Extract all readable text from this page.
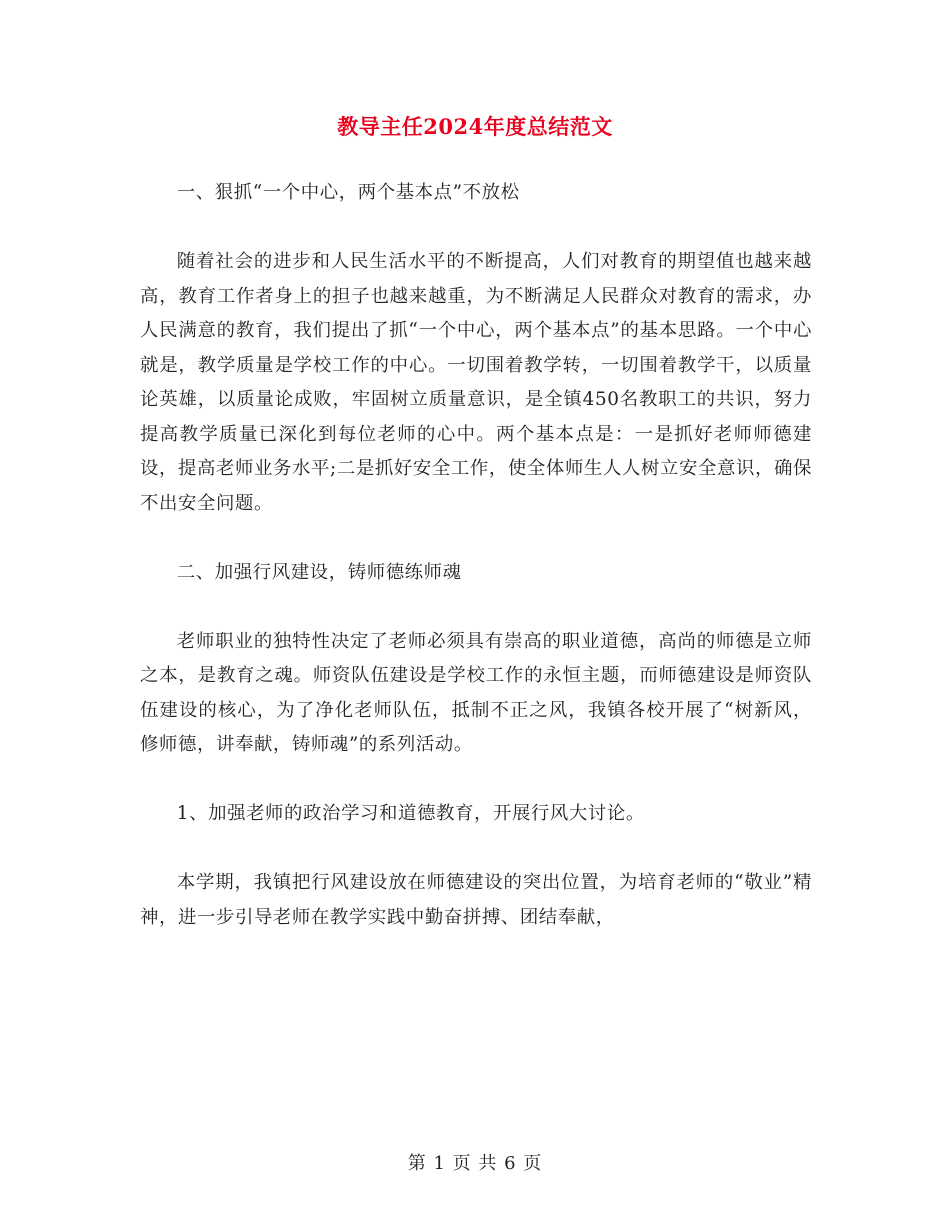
教导主任2024年度总结范文

一、狠抓“一个中心，两个基本点”不放松

随着社会的进步和人民生活水平的不断提高，人们对教育的期望值也越来越高，教育工作者身上的担子也越来越重，为不断满足人民群众对教育的需求，办人民满意的教育，我们提出了抓“一个中心，两个基本点”的基本思路。一个中心就是，教学质量是学校工作的中心。一切围着教学转，一切围着教学干，以质量论英雄，以质量论成败，牢固树立质量意识，是全镇450名教职工的共识，努力提高教学质量已深化到每位老师的心中。两个基本点是：一是抓好老师师德建设，提高老师业务水平;二是抓好安全工作，使全体师生人人树立安全意识，确保不出安全问题。

二、加强行风建设，铸师德练师魂

老师职业的独特性决定了老师必须具有崇高的职业道德，高尚的师德是立师之本，是教育之魂。师资队伍建设是学校工作的永恒主题，而师德建设是师资队伍建设的核心，为了净化老师队伍，抵制不正之风，我镇各校开展了“树新风，修师德，讲奉献，铸师魂”的系列活动。

1、加强老师的政治学习和道德教育，开展行风大讨论。

本学期，我镇把行风建设放在师德建设的突出位置，为培育老师的“敬业”精神，进一步引导老师在教学实践中勤奋拼搏、团结奉献，

第 1 页 共 6 页
